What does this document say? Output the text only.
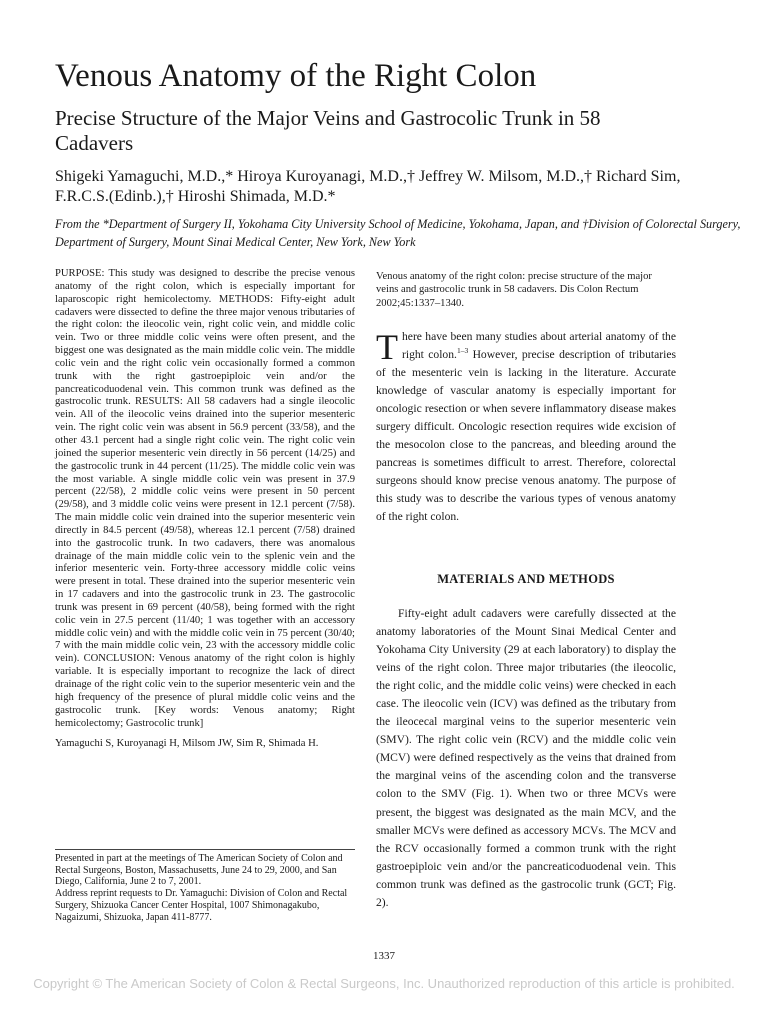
Venous Anatomy of the Right Colon
Precise Structure of the Major Veins and Gastrocolic Trunk in 58 Cadavers
Shigeki Yamaguchi, M.D.,* Hiroya Kuroyanagi, M.D.,† Jeffrey W. Milsom, M.D.,† Richard Sim, F.R.C.S.(Edinb.),† Hiroshi Shimada, M.D.*
From the *Department of Surgery II, Yokohama City University School of Medicine, Yokohama, Japan, and †Division of Colorectal Surgery, Department of Surgery, Mount Sinai Medical Center, New York, New York

PURPOSE: This study was designed to describe the precise venous anatomy of the right colon, which is especially important for laparoscopic right hemicolectomy. METHODS: Fifty-eight adult cadavers were dissected to define the three major venous tributaries of the right colon: the ileocolic vein, right colic vein, and middle colic vein. Two or three middle colic veins were often present, and the biggest one was designated as the main middle colic vein. The middle colic vein and the right colic vein occasionally formed a common trunk with the right gastroepiploic vein and/or the pancreaticoduodenal vein. This common trunk was defined as the gastrocolic trunk. RESULTS: All 58 cadavers had a single ileocolic vein. All of the ileocolic veins drained into the superior mesenteric vein. The right colic vein was absent in 56.9 percent (33/58), and the other 43.1 percent had a single right colic vein. The right colic vein joined the superior mesenteric vein directly in 56 percent (14/25) and the gastrocolic trunk in 44 percent (11/25). The middle colic vein was the most variable. A single middle colic vein was present in 37.9 percent (22/58), 2 middle colic veins were present in 50 percent (29/58), and 3 middle colic veins were present in 12.1 percent (7/58). The main middle colic vein drained into the superior mesenteric vein directly in 84.5 percent (49/58), whereas 12.1 percent (7/58) drained into the gastrocolic trunk. In two cadavers, there was anomalous drainage of the main middle colic vein to the splenic vein and the inferior mesenteric vein. Forty-three accessory middle colic veins were present in total. These drained into the superior mesenteric vein in 17 cadavers and into the gastrocolic trunk in 23. The gastrocolic trunk was present in 69 percent (40/58), being formed with the right colic vein in 27.5 percent (11/40; 1 was together with an accessory middle colic vein) and with the middle colic vein in 75 percent (30/40; 7 with the main middle colic vein, 23 with the accessory middle colic vein). CONCLUSION: Venous anatomy of the right colon is highly variable. It is especially important to recognize the lack of direct drainage of the right colic vein to the superior mesenteric vein and the high frequency of the presence of plural middle colic veins and the gastrocolic trunk. [Key words: Venous anatomy; Right hemicolectomy; Gastrocolic trunk]

Yamaguchi S, Kuroyanagi H, Milsom JW, Sim R, Shimada H.

Presented in part at the meetings of The American Society of Colon and Rectal Surgeons, Boston, Massachusetts, June 24 to 29, 2000, and San Diego, California, June 2 to 7, 2001.

Address reprint requests to Dr. Yamaguchi: Division of Colon and Rectal Surgery, Shizuoka Cancer Center Hospital, 1007 Shimonagakubo, Nagaizumi, Shizuoka, Japan 411-8777.

Venous anatomy of the right colon: precise structure of the major veins and gastrocolic trunk in 58 cadavers. Dis Colon Rectum 2002;45:1337–1340.

There have been many studies about arterial anatomy of the right colon.$^{1-3}$ However, precise description of tributaries of the mesenteric vein is lacking in the literature. Accurate knowledge of vascular anatomy is especially important for oncologic resection or when severe inflammatory disease makes surgery difficult. Oncologic resection requires wide excision of the mesocolon close to the pancreas, and bleeding around the pancreas is sometimes difficult to arrest. Therefore, colorectal surgeons should know precise venous anatomy. The purpose of this study was to describe the various types of venous anatomy of the right colon.
MATERIALS AND METHODS

Fifty-eight adult cadavers were carefully dissected at the anatomy laboratories of the Mount Sinai Medical Center and Yokohama City University (29 at each laboratory) to display the veins of the right colon. Three major tributaries (the ileocolic, the right colic, and the middle colic veins) were checked in each case. The ileocolic vein (ICV) was defined as the tributary from the ileocecal marginal veins to the superior mesenteric vein (SMV). The right colic vein (RCV) and the middle colic vein (MCV) were defined respectively as the veins that drained from the marginal veins of the ascending colon and the transverse colon to the SMV (Fig. 1). When two or three MCVs were present, the biggest was designated as the main MCV, and the smaller MCVs were defined as accessory MCVs. The MCV and the RCV occasionally formed a common trunk with the right gastroepiploic vein and/or the pancreaticoduodenal vein. This common trunk was defined as the gastrocolic trunk (GCT; Fig. 2).

1337
Copyright © The American Society of Colon & Rectal Surgeons, Inc. Unauthorized reproduction of this article is prohibited.
